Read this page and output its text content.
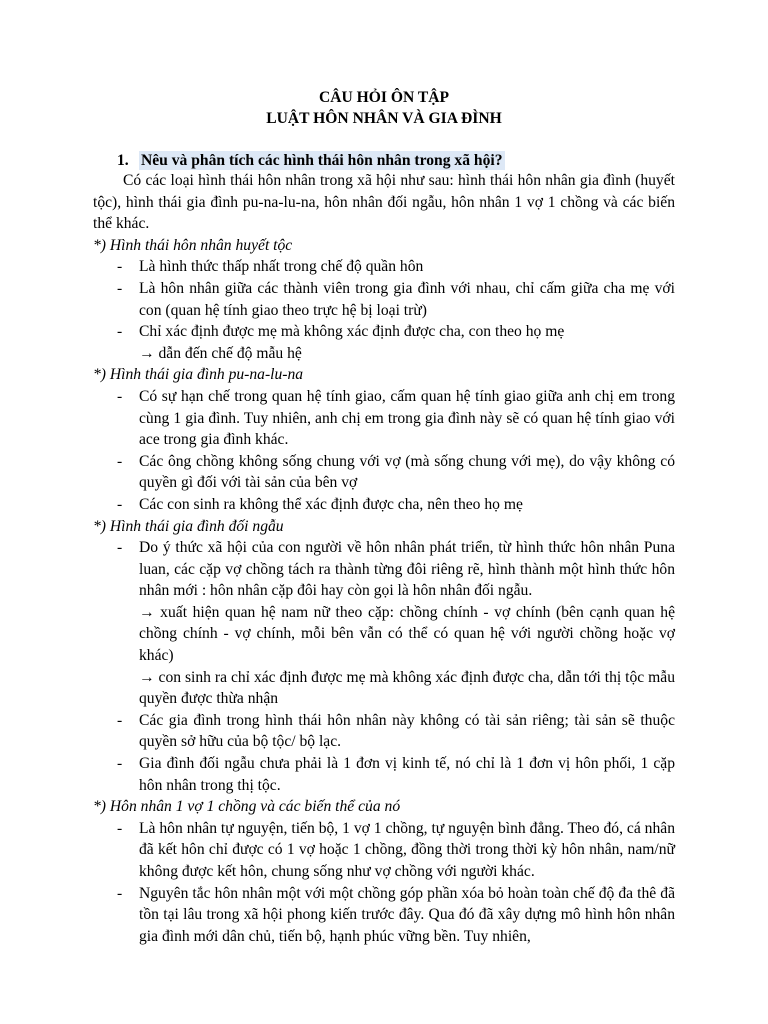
CÂU HỎI ÔN TẬP
LUẬT HÔN NHÂN VÀ GIA ĐÌNH
1. Nêu và phân tích các hình thái hôn nhân trong xã hội?

Có các loại hình thái hôn nhân trong xã hội như sau: hình thái hôn nhân gia đình (huyết tộc), hình thái gia đình pu-na-lu-na, hôn nhân đối ngẫu, hôn nhân 1 vợ 1 chồng và các biến thể khác.

*) Hình thái hôn nhân huyết tộc

- Là hình thức thấp nhất trong chế độ quần hôn
- Là hôn nhân giữa các thành viên trong gia đình với nhau, chỉ cấm giữa cha mẹ với con (quan hệ tính giao theo trực hệ bị loại trừ)
- Chỉ xác định được mẹ mà không xác định được cha, con theo họ mẹ
→ dẫn đến chế độ mẫu hệ

*) Hình thái gia đình pu-na-lu-na

- Có sự hạn chế trong quan hệ tính giao, cấm quan hệ tính giao giữa anh chị em trong cùng 1 gia đình. Tuy nhiên, anh chị em trong gia đình này sẽ có quan hệ tính giao với ace trong gia đình khác.
- Các ông chồng không sống chung với vợ (mà sống chung với mẹ), do vậy không có quyền gì đối với tài sản của bên vợ
- Các con sinh ra không thể xác định được cha, nên theo họ mẹ

*) Hình thái gia đình đối ngẫu

- Do ý thức xã hội của con người về hôn nhân phát triển, từ hình thức hôn nhân Puna luan, các cặp vợ chồng tách ra thành từng đôi riêng rẽ, hình thành một hình thức hôn nhân mới : hôn nhân cặp đôi hay còn gọi là hôn nhân đối ngẫu.
→ xuất hiện quan hệ nam nữ theo cặp: chồng chính - vợ chính (bên cạnh quan hệ chồng chính - vợ chính, mỗi bên vẫn có thể có quan hệ với người chồng hoặc vợ khác)
→ con sinh ra chỉ xác định được mẹ mà không xác định được cha, dẫn tới thị tộc mẫu quyền được thừa nhận
- Các gia đình trong hình thái hôn nhân này không có tài sản riêng; tài sản sẽ thuộc quyền sở hữu của bộ tộc/ bộ lạc.
- Gia đình đối ngẫu chưa phải là 1 đơn vị kinh tế, nó chỉ là 1 đơn vị hôn phối, 1 cặp hôn nhân trong thị tộc.

*) Hôn nhân 1 vợ 1 chồng và các biến thể của nó

- Là hôn nhân tự nguyện, tiến bộ, 1 vợ 1 chồng, tự nguyện bình đẳng. Theo đó, cá nhân đã kết hôn chỉ được có 1 vợ hoặc 1 chồng, đồng thời trong thời kỳ hôn nhân, nam/nữ không được kết hôn, chung sống như vợ chồng với người khác.
- Nguyên tắc hôn nhân một với một chồng góp phần xóa bỏ hoàn toàn chế độ đa thê đã tồn tại lâu trong xã hội phong kiến trước đây. Qua đó đã xây dựng mô hình hôn nhân gia đình mới dân chủ, tiến bộ, hạnh phúc vững bền. Tuy nhiên,
